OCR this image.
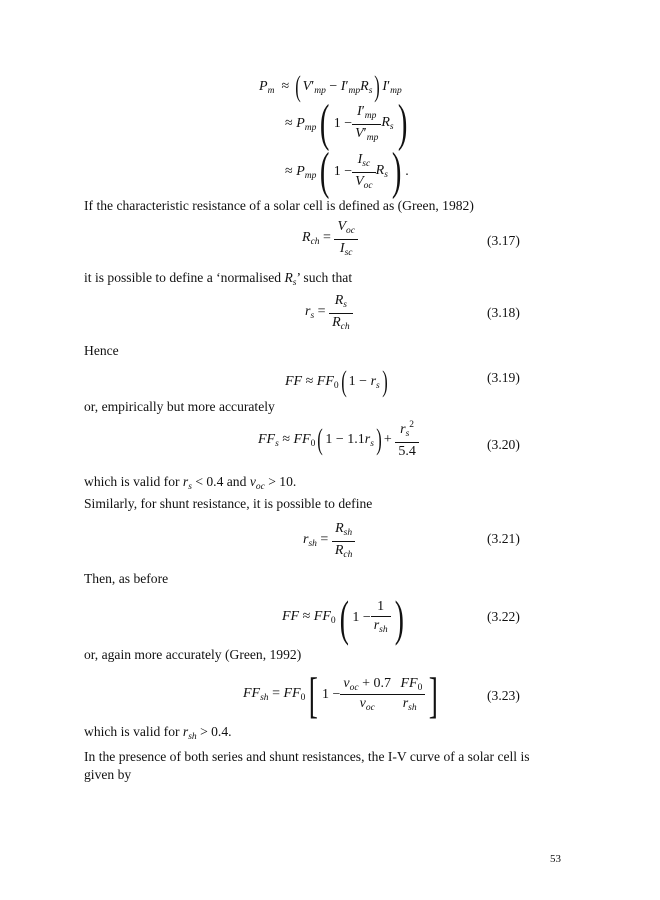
$P_m$  ≈ ( $V'_{mp} - I'_{mp}R_s$) $I'_{mp}$
≈ $P_{mp}$( $1 - \frac{I'_{mp}}{V'_{mp}} R_s$)
≈ $P_{mp}$( $1 - \frac{I_{sc}}{V_{oc}} R_s$) .
If the characteristic resistance of a solar cell is defined as (Green, 1982)
$R_{ch} = \frac{V_{oc}}{I_{sc}}$	(3.17)
it is possible to define a ‘normalised $R_s$’ such that
$r_s = \frac{R_s}{R_{ch}}$	(3.18)
Hence
FF ≈ $FF_0$( $1 - r_s$)	(3.19)
or, empirically but more accurately
$FF_s \approx FF_0$( $1 - 1.1r_s) + \frac{r_s^2}{5.4}$	(3.20)
which is valid for $r_s < 0.4$ and $v_{oc} > 10$.
Similarly, for shunt resistance, it is possible to define
$r_{sh} = \frac{R_{sh}}{R_{ch}}$	(3.21)
Then, as before
FF ≈ $FF_0$( $1 - \frac{1}{r_{sh}}$ )	(3.22)
or, again more accurately (Green, 1992)
$FF_{sh} = FF_0$[ $1 - \frac{v_{oc} + 0.7}{v_{oc}} \frac{FF_0}{r_{sh}}$ ]	(3.23)
which is valid for $r_{sh} > 0.4$.
In the presence of both series and shunt resistances, the I-V curve of a solar cell is given by
53
